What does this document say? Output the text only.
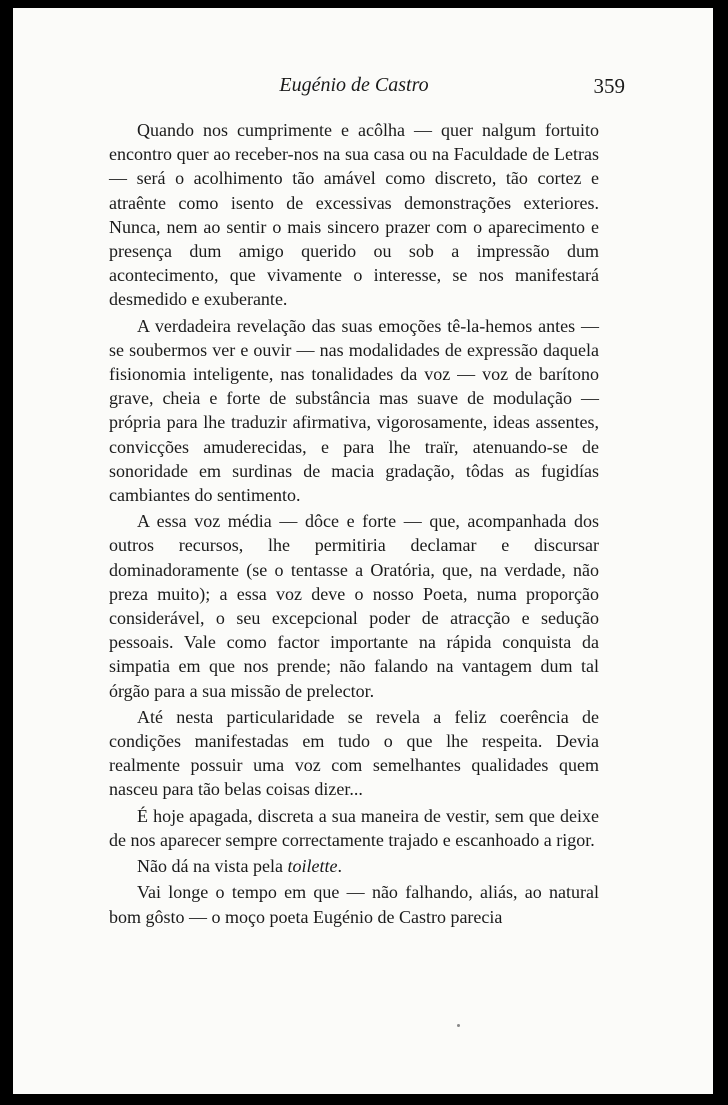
Eugénio de Castro	359

Quando nos cumprimente e acôlha — quer nalgum fortuito encontro quer ao receber-nos na sua casa ou na Faculdade de Letras — será o acolhimento tão amável como discreto, tão cortez e atraênte como isento de excessivas demonstrações exteriores. Nunca, nem ao sentir o mais sincero prazer com o aparecimento e presença dum amigo querido ou sob a impressão dum acontecimento, que vivamente o interesse, se nos manifestará desmedido e exuberante.

A verdadeira revelação das suas emoções tê-la-hemos antes — se soubermos ver e ouvir — nas modalidades de expressão daquela fisionomia inteligente, nas tonalidades da voz — voz de barítono grave, cheia e forte de substância mas suave de modulação — própria para lhe traduzir afirmativa, vigorosamente, ideas assentes, convicções amuderecidas, e para lhe traïr, atenuando-se de sonoridade em surdinas de macia gradação, tôdas as fugidías cambiantes do sentimento.

A essa voz média — dôce e forte — que, acompanhada dos outros recursos, lhe permitiria declamar e discursar dominadoramente (se o tentasse a Oratória, que, na verdade, não preza muito); a essa voz deve o nosso Poeta, numa proporção considerável, o seu excepcional poder de atracção e sedução pessoais. Vale como factor importante na rápida conquista da simpatia em que nos prende; não falando na vantagem dum tal órgão para a sua missão de prelector.

Até nesta particularidade se revela a feliz coerência de condições manifestadas em tudo o que lhe respeita. Devia realmente possuir uma voz com semelhantes qualidades quem nasceu para tão belas coisas dizer...

É hoje apagada, discreta a sua maneira de vestir, sem que deixe de nos aparecer sempre correctamente trajado e escanhoado a rigor.

Não dá na vista pela toilette.

Vai longe o tempo em que — não falhando, aliás, ao natural bom gôsto — o moço poeta Eugénio de Castro parecia
